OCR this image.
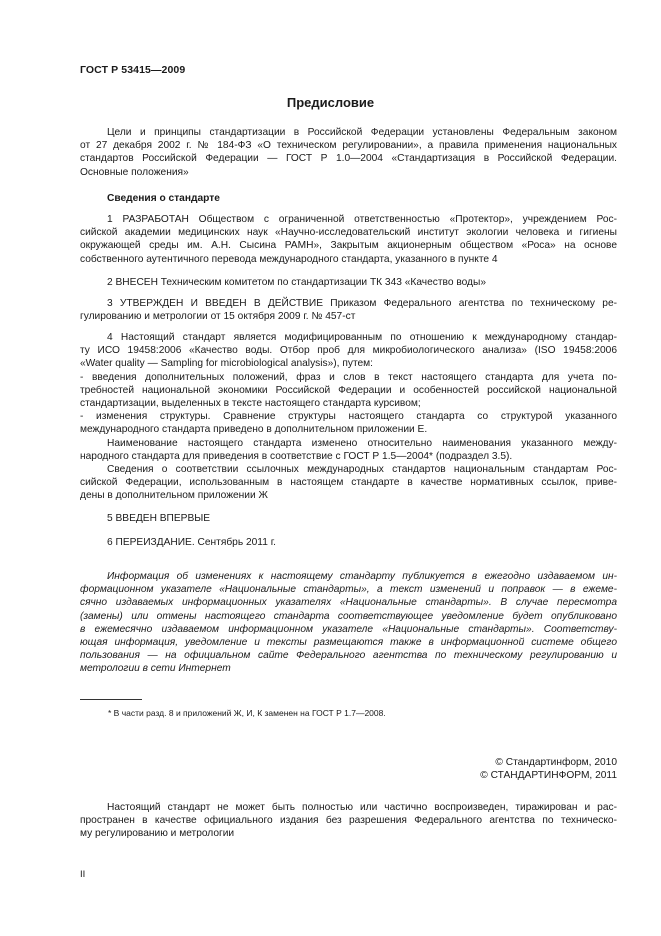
ГОСТ Р 53415—2009
Предисловие
Цели и принципы стандартизации в Российской Федерации установлены Федеральным законом
от 27 декабря 2002 г. № 184-ФЗ «О техническом регулировании», а правила применения национальных
стандартов Российской Федерации — ГОСТ Р 1.0—2004 «Стандартизация в Российской Федерации.
Основные положения»
Сведения о стандарте
1 РАЗРАБОТАН Обществом с ограниченной ответственностью «Протектор», учреждением Рос-
сийской академии медицинских наук «Научно-исследовательский институт экологии человека и гигиены
окружающей среды им. А.Н. Сысина РАМН», Закрытым акционерным обществом «Роса» на основе
собственного аутентичного перевода международного стандарта, указанного в пункте 4
2 ВНЕСЕН Техническим комитетом по стандартизации ТК 343 «Качество воды»
3 УТВЕРЖДЕН И ВВЕДЕН В ДЕЙСТВИЕ Приказом Федерального агентства по техническому ре-
гулированию и метрологии от 15 октября 2009 г. № 457-ст
4 Настоящий стандарт является модифицированным по отношению к международному стандар-
ту ИСО 19458:2006 «Качество воды. Отбор проб для микробиологического анализа» (ISO 19458:2006
«Water quality — Sampling for microbiological analysis»), путем:
- введения дополнительных положений, фраз и слов в текст настоящего стандарта для учета по-
требностей национальной экономики Российской Федерации и особенностей российской национальной
стандартизации, выделенных в тексте настоящего стандарта курсивом;
- изменения структуры. Сравнение структуры настоящего стандарта со структурой указанного
международного стандарта приведено в дополнительном приложении Е.
Наименование настоящего стандарта изменено относительно наименования указанного между-
народного стандарта для приведения в соответствие с ГОСТ Р 1.5—2004* (подраздел 3.5).
Сведения о соответствии ссылочных международных стандартов национальным стандартам Рос-
сийской Федерации, использованным в настоящем стандарте в качестве нормативных ссылок, приве-
дены в дополнительном приложении Ж
5 ВВЕДЕН ВПЕРВЫЕ
6 ПЕРЕИЗДАНИЕ. Сентябрь 2011 г.
Информация об изменениях к настоящему стандарту публикуется в ежегодно издаваемом ин-
формационном указателе «Национальные стандарты», а текст изменений и поправок — в ежеме-
сячно издаваемых информационных указателях «Национальные стандарты». В случае пересмотра
(замены) или отмены настоящего стандарта соответствующее уведомление будет опубликовано
в ежемесячно издаваемом информационном указателе «Национальные стандарты». Соответству-
ющая информация, уведомление и тексты размещаются также в информационной системе общего
пользования — на официальном сайте Федерального агентства по техническому регулированию и
метрологии в сети Интернет
* В части разд. 8 и приложений Ж, И, К заменен на ГОСТ Р 1.7—2008.
© Стандартинформ, 2010
© СТАНДАРТИНФОРМ, 2011
Настоящий стандарт не может быть полностью или частично воспроизведен, тиражирован и рас-
пространен в качестве официального издания без разрешения Федерального агентства по техническо-
му регулированию и метрологии
II
